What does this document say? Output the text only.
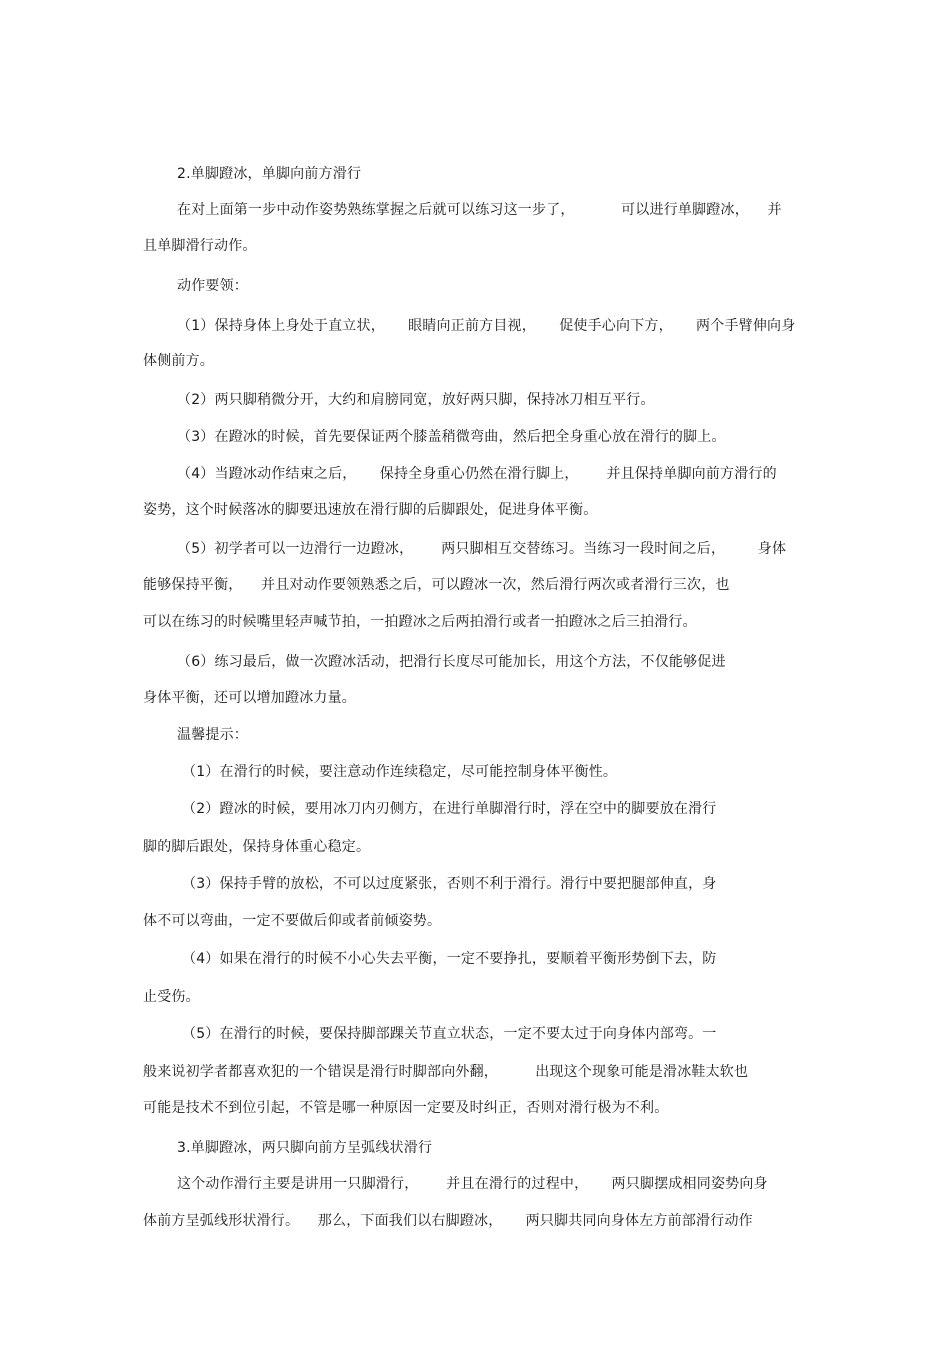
2.单脚蹬冰，单脚向前方滑行
在对上面第一步中动作姿势熟练掌握之后就可以练习这一步了，          可以进行单脚蹬冰，    并
且单脚滑行动作。
动作要领：
（1）保持身体上身处于直立状，     眼睛向正前方目视，     促使手心向下方，     两个手臂伸向身
体侧前方。
（2）两只脚稍微分开，大约和肩膀同宽，放好两只脚，保持冰刀相互平行。
（3）在蹬冰的时候，首先要保证两个膝盖稍微弯曲，然后把全身重心放在滑行的脚上。
（4）当蹬冰动作结束之后，     保持全身重心仍然在滑行脚上，      并且保持单脚向前方滑行的
姿势，这个时候落冰的脚要迅速放在滑行脚的后脚跟处，促进身体平衡。
（5）初学者可以一边滑行一边蹬冰，      两只脚相互交替练习。当练习一段时间之后，       身体
能够保持平衡，    并且对动作要领熟悉之后，可以蹬冰一次，然后滑行两次或者滑行三次，也
可以在练习的时候嘴里轻声喊节拍，一拍蹬冰之后两拍滑行或者一拍蹬冰之后三拍滑行。
（6）练习最后，做一次蹬冰活动，把滑行长度尽可能加长，用这个方法，不仅能够促进
身体平衡，还可以增加蹬冰力量。
温馨提示：
（1）在滑行的时候，要注意动作连续稳定，尽可能控制身体平衡性。
（2）蹬冰的时候，要用冰刀内刃侧方，在进行单脚滑行时，浮在空中的脚要放在滑行
脚的脚后跟处，保持身体重心稳定。
（3）保持手臂的放松，不可以过度紧张，否则不利于滑行。滑行中要把腿部伸直，身
体不可以弯曲，一定不要做后仰或者前倾姿势。
（4）如果在滑行的时候不小心失去平衡，一定不要挣扎，要顺着平衡形势倒下去，防
止受伤。
（5）在滑行的时候，要保持脚部踝关节直立状态，一定不要太过于向身体内部弯。一
般来说初学者都喜欢犯的一个错误是滑行时脚部向外翻，        出现这个现象可能是滑冰鞋太软也
可能是技术不到位引起，不管是哪一种原因一定要及时纠正，否则对滑行极为不利。
3.单脚蹬冰，两只脚向前方呈弧线状滑行
这个动作滑行主要是讲用一只脚滑行，      并且在滑行的过程中，     两只脚摆成相同姿势向身
体前方呈弧线形状滑行。    那么，下面我们以右脚蹬冰，     两只脚共同向身体左方前部滑行动作
